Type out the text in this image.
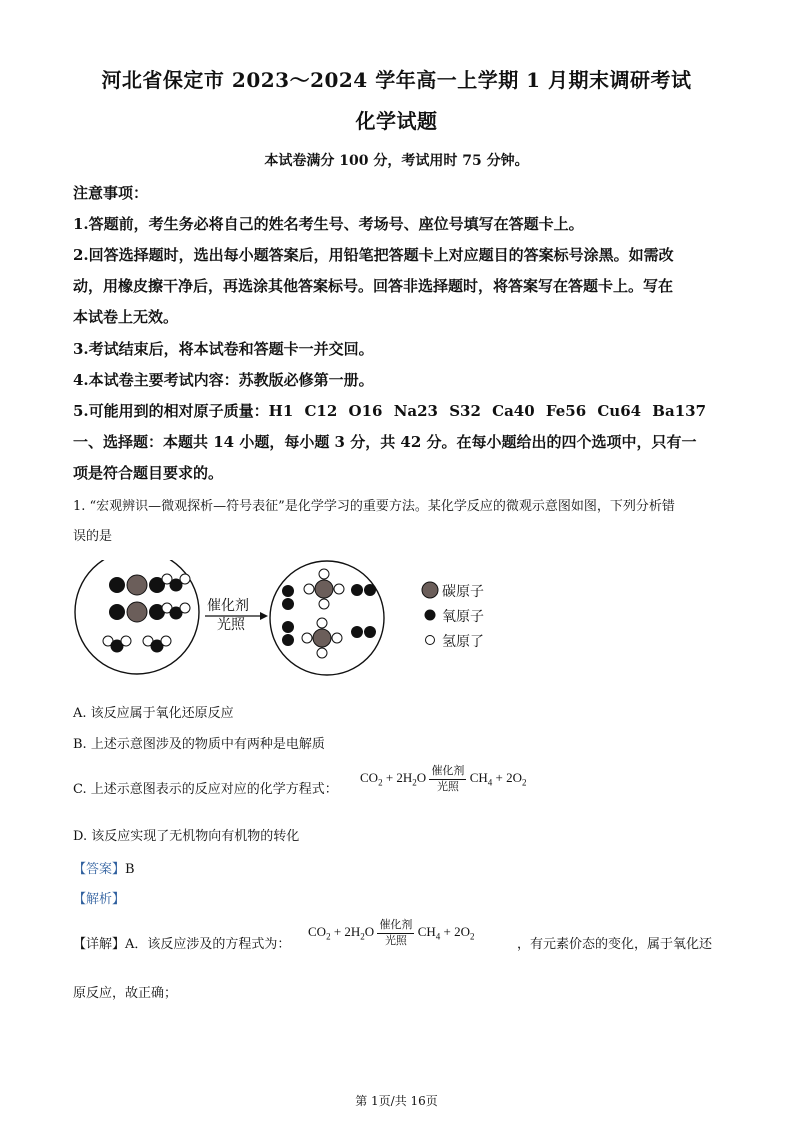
河北省保定市 2023～2024 学年高一上学期 1 月期末调研考试
化学试题
本试卷满分 100 分，考试用时 75 分钟。
注意事项：
1.答题前，考生务必将自己的姓名考生号、考场号、座位号填写在答题卡上。
2.回答选择题时，选出每小题答案后，用铅笔把答题卡上对应题目的答案标号涂黑。如需改
动，用橡皮擦干净后，再选涂其他答案标号。回答非选择题时，将答案写在答题卡上。写在
本试卷上无效。
3.考试结束后，将本试卷和答题卡一并交回。
4.本试卷主要考试内容：苏教版必修第一册。
5.可能用到的相对原子质量：H1 C12 O16 Na23 S32 Ca40 Fe56 Cu64 Ba137
一、选择题：本题共 14 小题，每小题 3 分，共 42 分。在每小题给出的四个选项中，只有一
项是符合题目要求的。
1. “宏观辨识—微观探析—符号表征”是化学学习的重要方法。某化学反应的微观示意图如图，下列分析错
误的是
催化剂
光照
碳原子
氧原子
氢原了
A. 该反应属于氧化还原反应
B. 上述示意图涉及的物质中有两种是电解质
C. 上述示意图表示的反应对应的化学方程式：
$CO_2 + 2H_2O \frac{\text{催化剂}}{\text{光照}} CH_4 + 2O_2$
D. 该反应实现了无机物向有机物的转化
【答案】B
【解析】
【详解】A．该反应涉及的方程式为：
$CO_2 + 2H_2O \frac{\text{催化剂}}{\text{光照}} CH_4 + 2O_2$
，有元素价态的变化，属于氧化还
原反应，故正确；
第 1页/共 16页
